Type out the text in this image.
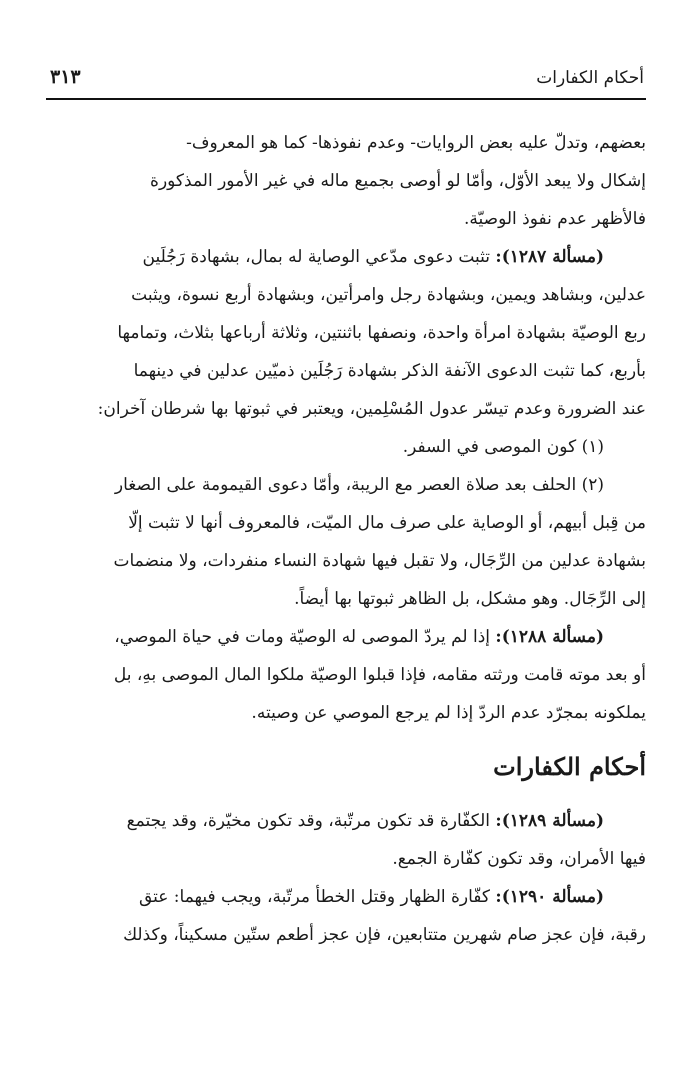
أحكام الكفارات
٣١٣
بعضهم، وتدلّ عليه بعض الروايات- وعدم نفوذها- كما هو المعروف-
إشكال ولا يبعد الأوّل، وأمّا لو أوصى بجميع ماله في غير الأمور المذكورة
فالأظهر عدم نفوذ الوصيّة.
(مسألة ١٢٨٧): تثبت دعوى مدّعي الوصاية له بمال، بشهادة رَجُلَين
عدلين، وبشاهد ويمين، وبشهادة رجل وامرأتين، وبشهادة أربع نسوة، ويثبت
ربع الوصيّة بشهادة امرأة واحدة، ونصفها باثنتين، وثلاثة أرباعها بثلاث، وتمامها
بأربع، كما تثبت الدعوى الآنفة الذكر بشهادة رَجُلَين ذميّين عدلين في دينهما
عند الضرورة وعدم تيسّر عدول المُسْلِمين، ويعتبر في ثبوتها بها شرطان آخران:
(١) كون الموصى في السفر.
(٢) الحلف بعد صلاة العصر مع الريبة، وأمّا دعوى القيمومة على الصغار
من قِبل أبيهم، أو الوصاية على صرف مال الميّت، فالمعروف أنها لا تثبت إلّا
بشهادة عدلين من الرِّجَال، ولا تقبل فيها شهادة النساء منفردات، ولا منضمات
إلى الرِّجَال. وهو مشكل، بل الظاهر ثبوتها بها أيضاً.
(مسألة ١٢٨٨): إذا لم يردّ الموصى له الوصيّة ومات في حياة الموصي،
أو بعد موته قامت ورثته مقامه، فإذا قبلوا الوصيّة ملكوا المال الموصى بهِ، بل
يملكونه بمجرّد عدم الردّ إذا لم يرجع الموصي عن وصيته.
أحكام الكفارات
(مسألة ١٢٨٩): الكفّارة قد تكون مرتّبة، وقد تكون مخيّرة، وقد يجتمع
فيها الأمران، وقد تكون كفّارة الجمع.
(مسألة ١٢٩٠): كفّارة الظهار وقتل الخطأ مرتّبة، ويجب فيهما: عتق
رقبة، فإن عجز صام شهرين متتابعين، فإن عجز أطعم ستّين مسكيناً، وكذلك
